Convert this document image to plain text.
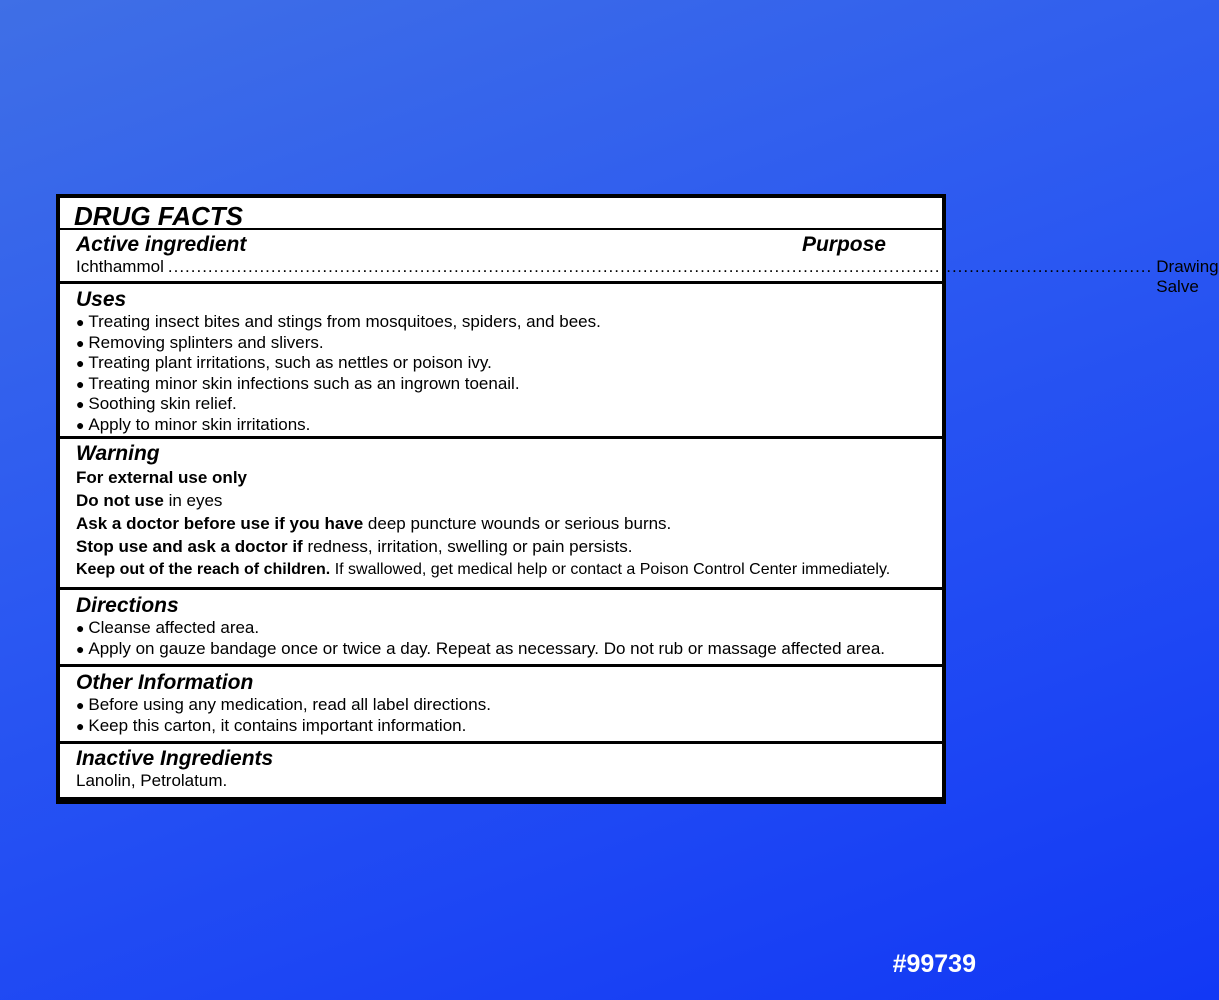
DRUG FACTS
Active ingredient	Purpose
Ichthammol ............................................................................................................................................................................ Drawing Salve
Uses
● Treating insect bites and stings from mosquitoes, spiders, and bees.
● Removing splinters and slivers.
● Treating plant irritations, such as nettles or poison ivy.
● Treating minor skin infections such as an ingrown toenail.
● Soothing skin relief.
● Apply to minor skin irritations.
Warning
For external use only
Do not use in eyes
Ask a doctor before use if you have deep puncture wounds or serious burns.
Stop use and ask a doctor if redness, irritation, swelling or pain persists.
Keep out of the reach of children. If swallowed, get medical help or contact a Poison Control Center immediately.
Directions
● Cleanse affected area.
● Apply on gauze bandage once or twice a day. Repeat as necessary. Do not rub or massage affected area.
Other Information
● Before using any medication, read all label directions.
● Keep this carton, it contains important information.
Inactive Ingredients
Lanolin, Petrolatum.
#99739
